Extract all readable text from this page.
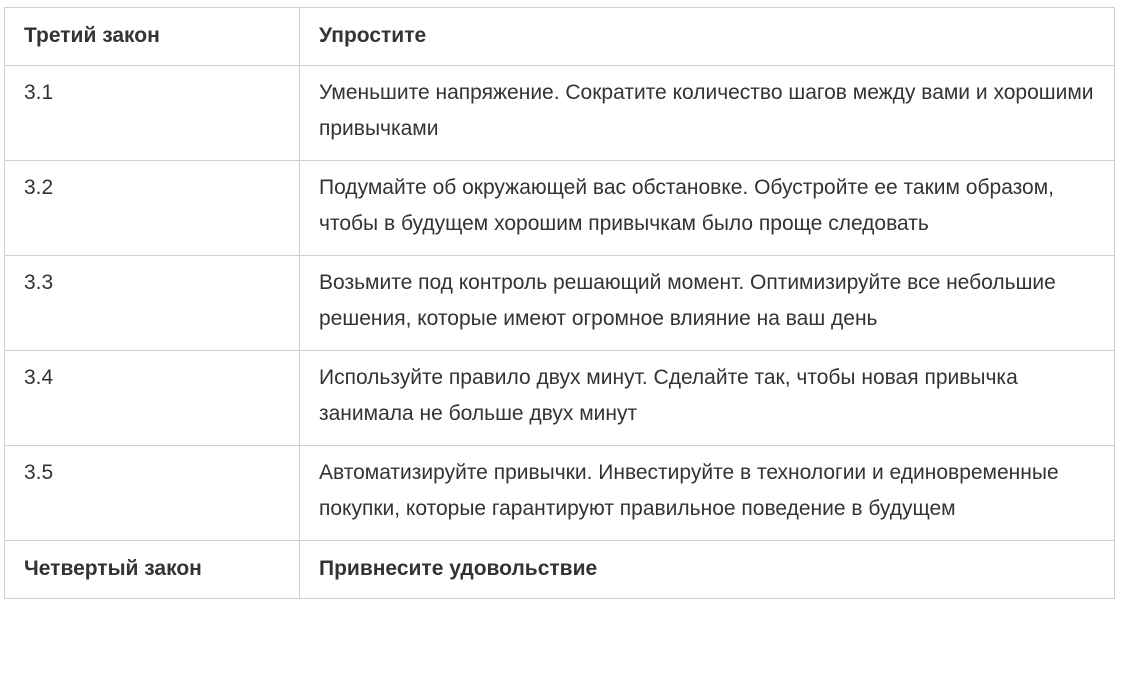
Третий закон	Упростите
3.1	Уменьшите напряжение. Сократите количество шагов между вами и хорошими привычками
3.2	Подумайте об окружающей вас обстановке. Обустройте ее таким образом, чтобы в будущем хорошим привычкам было проще следовать
3.3	Возьмите под контроль решающий момент. Оптимизируйте все небольшие решения, которые имеют огромное влияние на ваш день
3.4	Используйте правило двух минут. Сделайте так, чтобы новая привычка занимала не больше двух минут
3.5	Автоматизируйте привычки. Инвестируйте в технологии и единовременные покупки, которые гарантируют правильное поведение в будущем
Четвертый закон	Привнесите удовольствие
